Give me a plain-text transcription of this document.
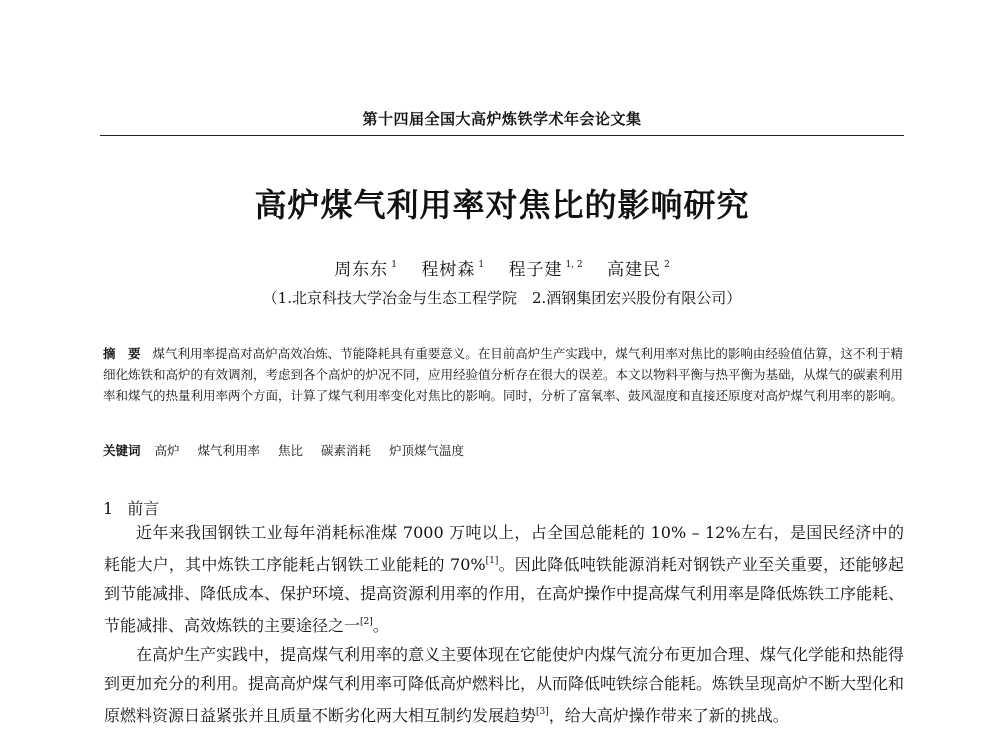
第十四届全国大高炉炼铁学术年会论文集
高炉煤气利用率对焦比的影响研究
周东东 $^1$ 程树森 $^1$ 程子建 $^{1, 2}$ 高建民 $^2$
（1.北京科技大学冶金与生态工程学院　2.酒钢集团宏兴股份有限公司）
摘　要 煤气利用率提高对高炉高效冶炼、节能降耗具有重要意义。在目前高炉生产实践中，煤气利用率对焦比的影响由经验值估算，这不利于精细化炼铁和高炉的有效调剂，考虑到各个高炉的炉况不同，应用经验值分析存在很大的误差。本文以物料平衡与热平衡为基础，从煤气的碳素利用率和煤气的热量利用率两个方面，计算了煤气利用率变化对焦比的影响。同时，分析了富氧率、鼓风湿度和直接还原度对高炉煤气利用率的影响。
关键词 高炉 煤气利用率 焦比 碳素消耗 炉顶煤气温度
1 前言

近年来我国钢铁工业每年消耗标准煤 7000 万吨以上，占全国总能耗的 10% – 12%左右，是国民经济中的耗能大户，其中炼铁工序能耗占钢铁工业能耗的 70%[1]。因此降低吨铁能源消耗对钢铁产业至关重要，还能够起到节能减排、降低成本、保护环境、提高资源利用率的作用，在高炉操作中提高煤气利用率是降低炼铁工序能耗、节能减排、高效炼铁的主要途径之一[2]。

在高炉生产实践中，提高煤气利用率的意义主要体现在它能使炉内煤气流分布更加合理、煤气化学能和热能得到更加充分的利用。提高高炉煤气利用率可降低高炉燃料比，从而降低吨铁综合能耗。炼铁呈现高炉不断大型化和原燃料资源日益紧张并且质量不断劣化两大相互制约发展趋势[3]，给大高炉操作带来了新的挑战。
